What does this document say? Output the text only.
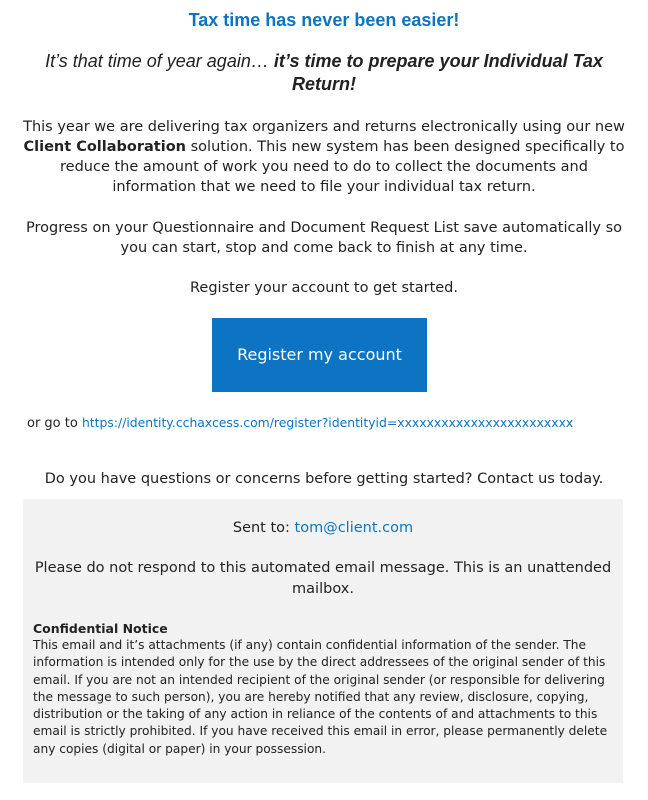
Tax time has never been easier!
It’s that time of year again… it’s time to prepare your Individual Tax Return!
This year we are delivering tax organizers and returns electronically using our new Client Collaboration solution. This new system has been designed specifically to reduce the amount of work you need to do to collect the documents and information that we need to file your individual tax return.
Progress on your Questionnaire and Document Request List save automatically so you can start, stop and come back to finish at any time.
Register your account to get started.
Register my account
or go to https://identity.cchaxcess.com/register?identityid=xxxxxxxxxxxxxxxxxxxxxxxx
Do you have questions or concerns before getting started? Contact us today.
Sent to: tom@client.com
Please do not respond to this automated email message. This is an unattended mailbox.
Confidential Notice
This email and it’s attachments (if any) contain confidential information of the sender. The information is intended only for the use by the direct addressees of the original sender of this email. If you are not an intended recipient of the original sender (or responsible for delivering the message to such person), you are hereby notified that any review, disclosure, copying, distribution or the taking of any action in reliance of the contents of and attachments to this email is strictly prohibited. If you have received this email in error, please permanently delete any copies (digital or paper) in your possession.
